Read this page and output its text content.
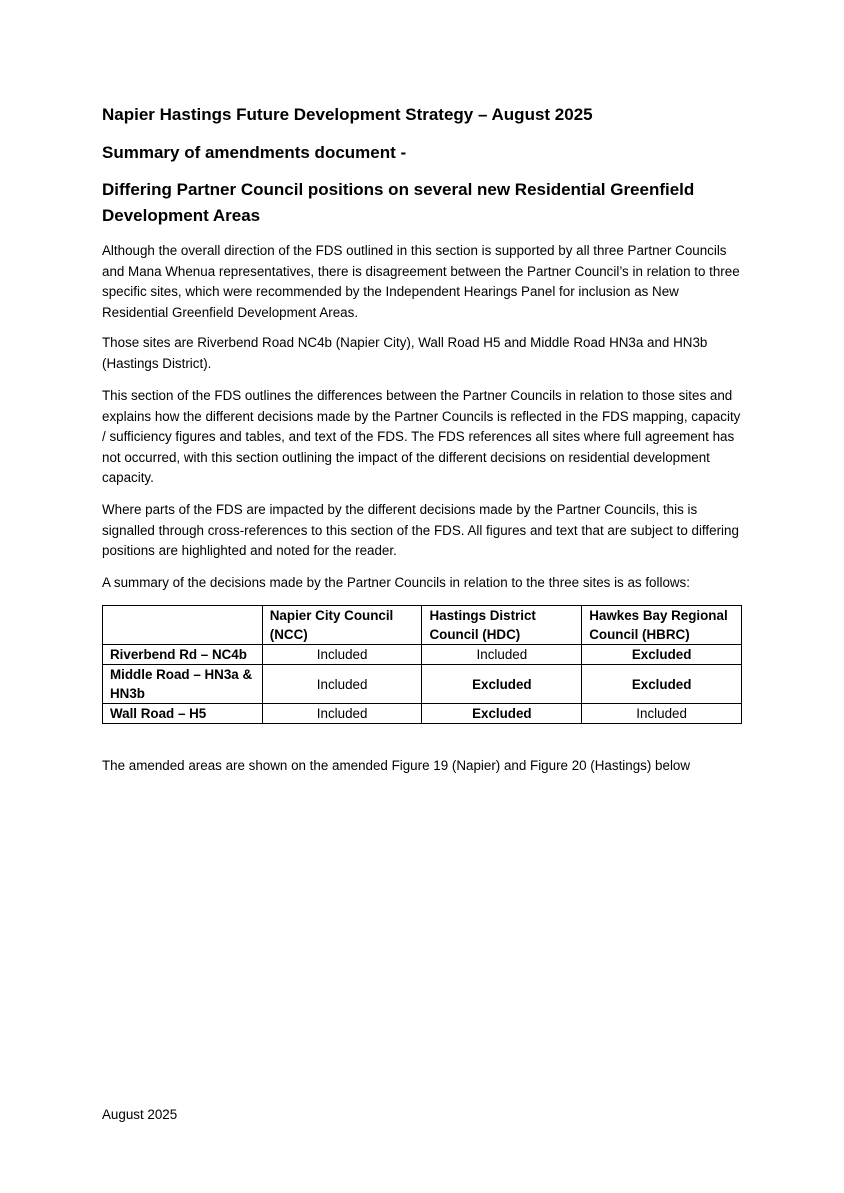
Napier Hastings Future Development Strategy – August 2025
Summary of amendments document -
Differing Partner Council positions on several new Residential Greenfield Development Areas

Although the overall direction of the FDS outlined in this section is supported by all three Partner Councils and Mana Whenua representatives, there is disagreement between the Partner Council’s in relation to three specific sites, which were recommended by the Independent Hearings Panel for inclusion as New Residential Greenfield Development Areas.

Those sites are Riverbend Road NC4b (Napier City), Wall Road H5 and Middle Road HN3a and HN3b (Hastings District).

This section of the FDS outlines the differences between the Partner Councils in relation to those sites and explains how the different decisions made by the Partner Councils is reflected in the FDS mapping, capacity / sufficiency figures and tables, and text of the FDS. The FDS references all sites where full agreement has not occurred, with this section outlining the impact of the different decisions on residential development capacity.

Where parts of the FDS are impacted by the different decisions made by the Partner Councils, this is signalled through cross-references to this section of the FDS. All figures and text that are subject to differing positions are highlighted and noted for the reader.

A summary of the decisions made by the Partner Councils in relation to the three sites is as follows:

	Napier City Council (NCC)	Hastings District Council (HDC)	Hawkes Bay Regional Council (HBRC)
Riverbend Rd – NC4b	Included	Included	Excluded
Middle Road – HN3a & HN3b	Included	Excluded	Excluded
Wall Road – H5	Included	Excluded	Included

The amended areas are shown on the amended Figure 19 (Napier) and Figure 20 (Hastings) below

August 2025
